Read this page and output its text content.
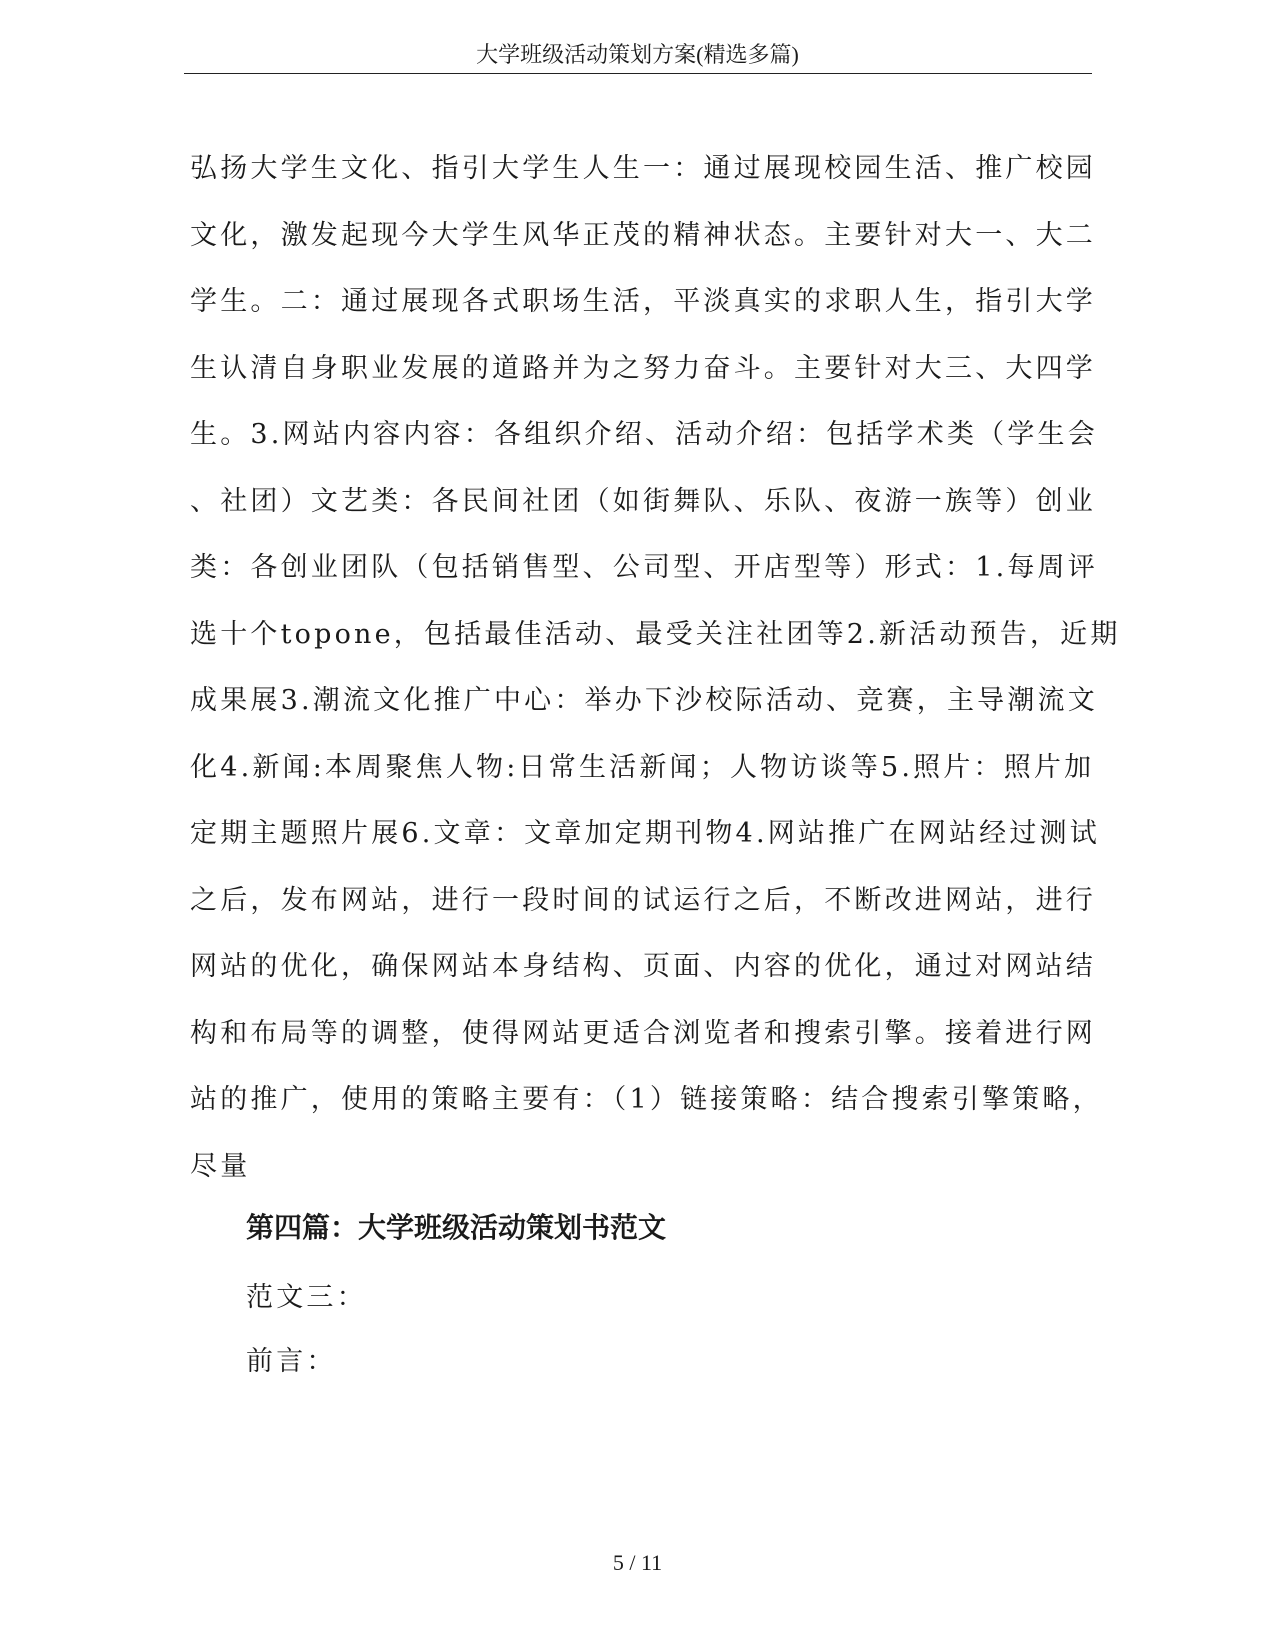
大学班级活动策划方案(精选多篇)
弘扬大学生文化、指引大学生人生一：通过展现校园生活、推广校园
文化，激发起现今大学生风华正茂的精神状态。主要针对大一、大二
学生。二：通过展现各式职场生活，平淡真实的求职人生，指引大学
生认清自身职业发展的道路并为之努力奋斗。主要针对大三、大四学
生。3.网站内容内容：各组织介绍、活动介绍：包括学术类（学生会
、社团）文艺类：各民间社团（如街舞队、乐队、夜游一族等）创业
类：各创业团队（包括销售型、公司型、开店型等）形式：1.每周评
选十个topone，包括最佳活动、最受关注社团等2.新活动预告，近期
成果展3.潮流文化推广中心：举办下沙校际活动、竞赛，主导潮流文
化4.新闻:本周聚焦人物:日常生活新闻；人物访谈等5.照片：照片加
定期主题照片展6.文章：文章加定期刊物4.网站推广在网站经过测试
之后，发布网站，进行一段时间的试运行之后，不断改进网站，进行
网站的优化，确保网站本身结构、页面、内容的优化，通过对网站结
构和布局等的调整，使得网站更适合浏览者和搜索引擎。接着进行网
站的推广，使用的策略主要有：（1）链接策略：结合搜索引擎策略，
尽量
第四篇：大学班级活动策划书范文
范文三：
前言：
5 / 11
